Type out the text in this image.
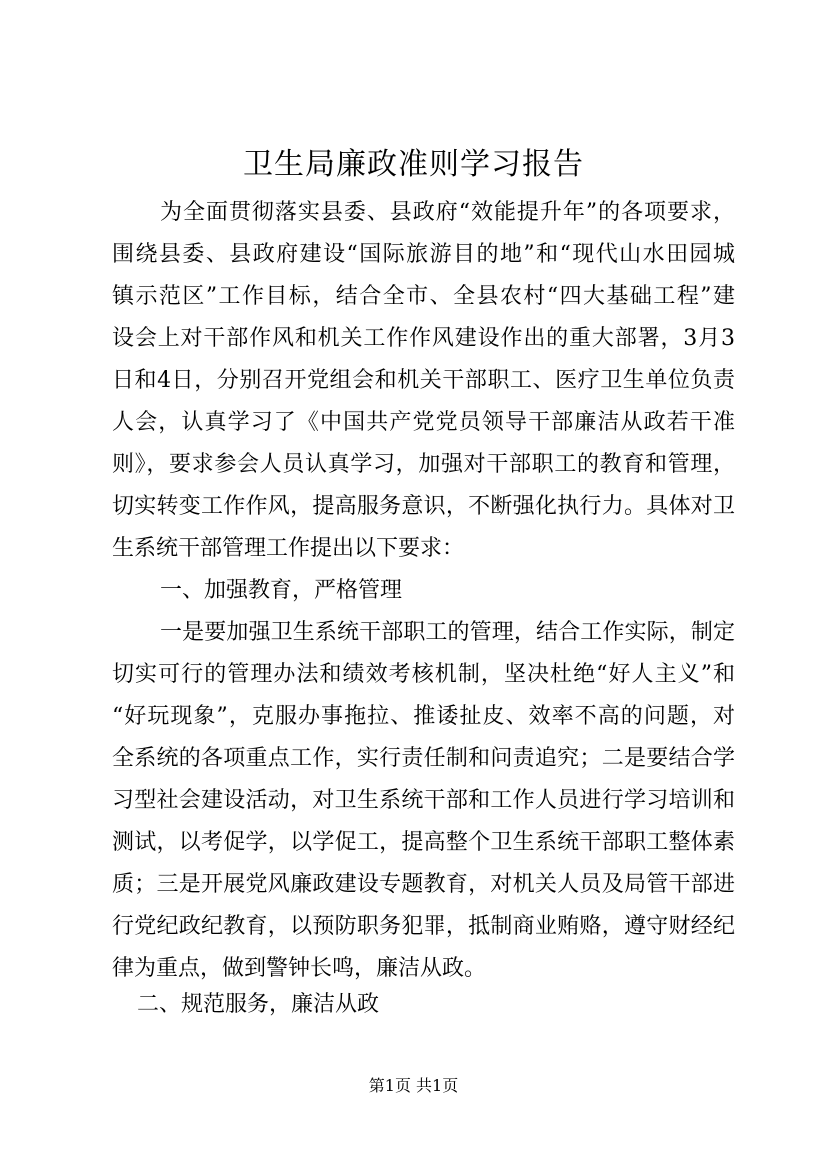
卫生局廉政准则学习报告
为全面贯彻落实县委、县政府“效能提升年”的各项要求，
围绕县委、县政府建设“国际旅游目的地”和“现代山水田园城
镇示范区”工作目标，结合全市、全县农村“四大基础工程”建
设会上对干部作风和机关工作作风建设作出的重大部署，3月3
日和4日，分别召开党组会和机关干部职工、医疗卫生单位负责
人会，认真学习了《中国共产党党员领导干部廉洁从政若干准
则》，要求参会人员认真学习，加强对干部职工的教育和管理，
切实转变工作作风，提高服务意识，不断强化执行力。具体对卫
生系统干部管理工作提出以下要求：
一、加强教育，严格管理
一是要加强卫生系统干部职工的管理，结合工作实际，制定
切实可行的管理办法和绩效考核机制，坚决杜绝“好人主义”和
“好玩现象”，克服办事拖拉、推诿扯皮、效率不高的问题，对
全系统的各项重点工作，实行责任制和问责追究；二是要结合学
习型社会建设活动，对卫生系统干部和工作人员进行学习培训和
测试，以考促学，以学促工，提高整个卫生系统干部职工整体素
质；三是开展党风廉政建设专题教育，对机关人员及局管干部进
行党纪政纪教育，以预防职务犯罪，抵制商业贿赂，遵守财经纪
律为重点，做到警钟长鸣，廉洁从政。
二、规范服务，廉洁从政
第1页 共1页
